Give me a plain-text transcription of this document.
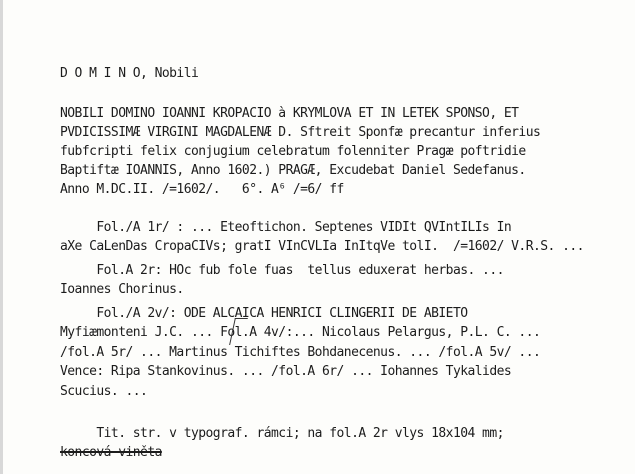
D O M I N O, Nobili
NOBILI DOMINO IOANNI KROPACIO à KRYMLOVA ET IN LETEK SPONSO, ET
PVDICISSIMÆ VIRGINI MAGDALENÆ D. Sftreit Sponfæ precantur inferius
fubfcripti felix conjugium celebratum folenniter Pragæ poftridie
Baptiftæ IOANNIS, Anno 1602.) PRAGÆ, Excudebat Daniel Sedefanus.
Anno M.DC.II. /=1602/.   6°. A⁶ /=6/ ff
Fol./A 1r/ : ... Eteoftichon. Septenes VIDIt QVIntILIs In
aXe CaLenDas CropaCIVs; gratI VInCVLIa InItqVe tolI.  /=1602/ V.R.S. ...
Fol.A 2r: HOc fub fole fuas  tellus eduxerat herbas. ...
Ioannes Chorinus.
Fol./A 2v/: ODE ALCAICA HENRICI CLINGERII DE ABIETO
Myfiæmonteni J.C. ... Fol.A 4v/:... Nicolaus Pelargus, P.L. C. ...
/fol.A 5r/ ... Martinus Tichiftes Bohdanecenus. ... /fol.A 5v/ ...
Vence: Ripa Stankovinus. ... /fol.A 6r/ ... Iohannes Tykalides
Scucius. ...
Tit. str. v typograf. rámci; na fol.A 2r vlys 18x104 mm;
koncová viněta
